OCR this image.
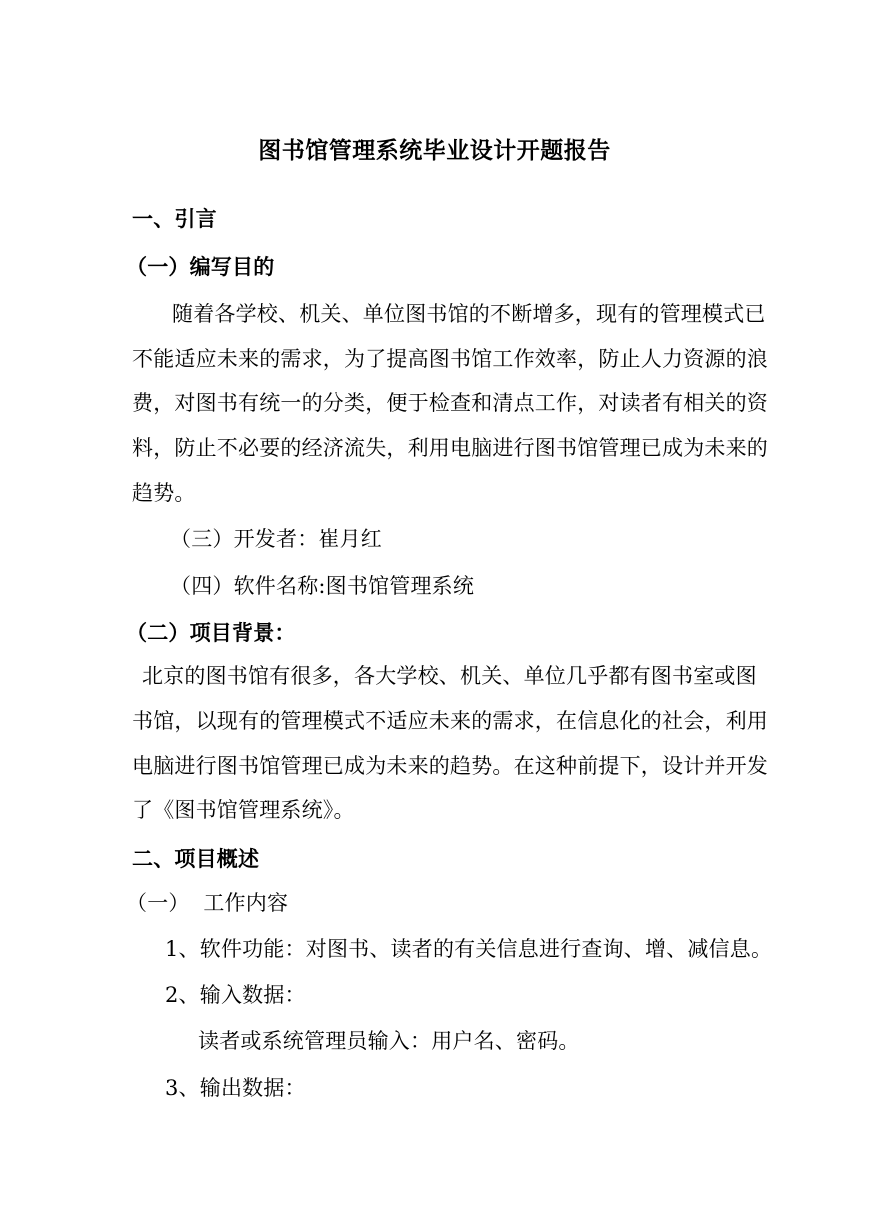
图书馆管理系统毕业设计开题报告
一、引言
（一）编写目的
随着各学校、机关、单位图书馆的不断增多，现有的管理模式已
不能适应未来的需求，为了提高图书馆工作效率，防止人力资源的浪
费，对图书有统一的分类，便于检查和清点工作，对读者有相关的资
料，防止不必要的经济流失，利用电脑进行图书馆管理已成为未来的
趋势。
（三）开发者：崔月红
（四）软件名称:图书馆管理系统
（二）项目背景：
北京的图书馆有很多，各大学校、机关、单位几乎都有图书室或图
书馆，以现有的管理模式不适应未来的需求，在信息化的社会，利用
电脑进行图书馆管理已成为未来的趋势。在这种前提下，设计并开发
了《图书馆管理系统》。
二、项目概述
（一）  工作内容
1、软件功能：对图书、读者的有关信息进行查询、增、减信息。
2、输入数据：
读者或系统管理员输入：用户名、密码。
3、输出数据：
